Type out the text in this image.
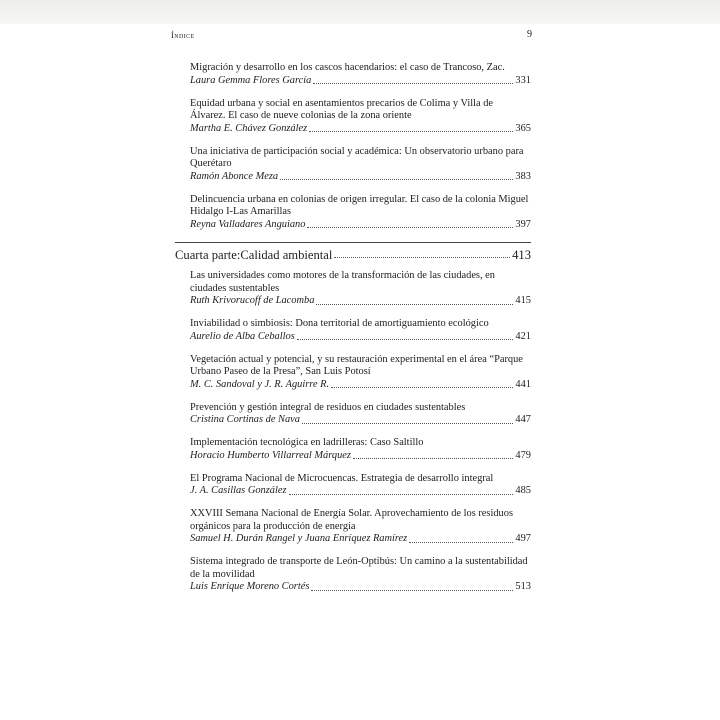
Índice	9
Migración y desarrollo en los cascos hacendarios: el caso de Trancoso, Zac.
Laura Gemma Flores García	331
Equidad urbana y social en asentamientos precarios de Colima y Villa de Álvarez. El caso de nueve colonias de la zona oriente
Martha E. Chávez González	365
Una iniciativa de participación social y académica: Un observatorio urbano para Querétaro
Ramón Abonce Meza	383
Delincuencia urbana en colonias de origen irregular. El caso de la colonia Miguel Hidalgo I-Las Amarillas
Reyna Valladares Anguiano	397
Cuarta parte:Calidad ambiental	413
Las universidades como motores de la transformación de las ciudades, en ciudades sustentables
Ruth Krivorucoff de Lacomba	415
Inviabilidad o simbiosis: Dona territorial de amortiguamiento ecológico
Aurelio de Alba Ceballos	421
Vegetación actual y potencial, y su restauración experimental en el área “Parque Urbano Paseo de la Presa”, San Luis Potosí
M. C. Sandoval y J. R. Aguirre R.	441
Prevención y gestión integral de residuos en ciudades sustentables
Cristina Cortinas de Nava	447
Implementación tecnológica en ladrilleras: Caso Saltillo
Horacio Humberto Villarreal Márquez	479
El Programa Nacional de Microcuencas. Estrategia de desarrollo integral
J. A. Casillas González	485
XXVIII Semana Nacional de Energía Solar. Aprovechamiento de los residuos orgánicos para la producción de energía
Samuel H. Durán Rangel y Juana Enríquez Ramírez	497
Sistema integrado de transporte de León-Optibús: Un camino a la sustentabilidad de la movilidad
Luis Enrique Moreno Cortés	513
